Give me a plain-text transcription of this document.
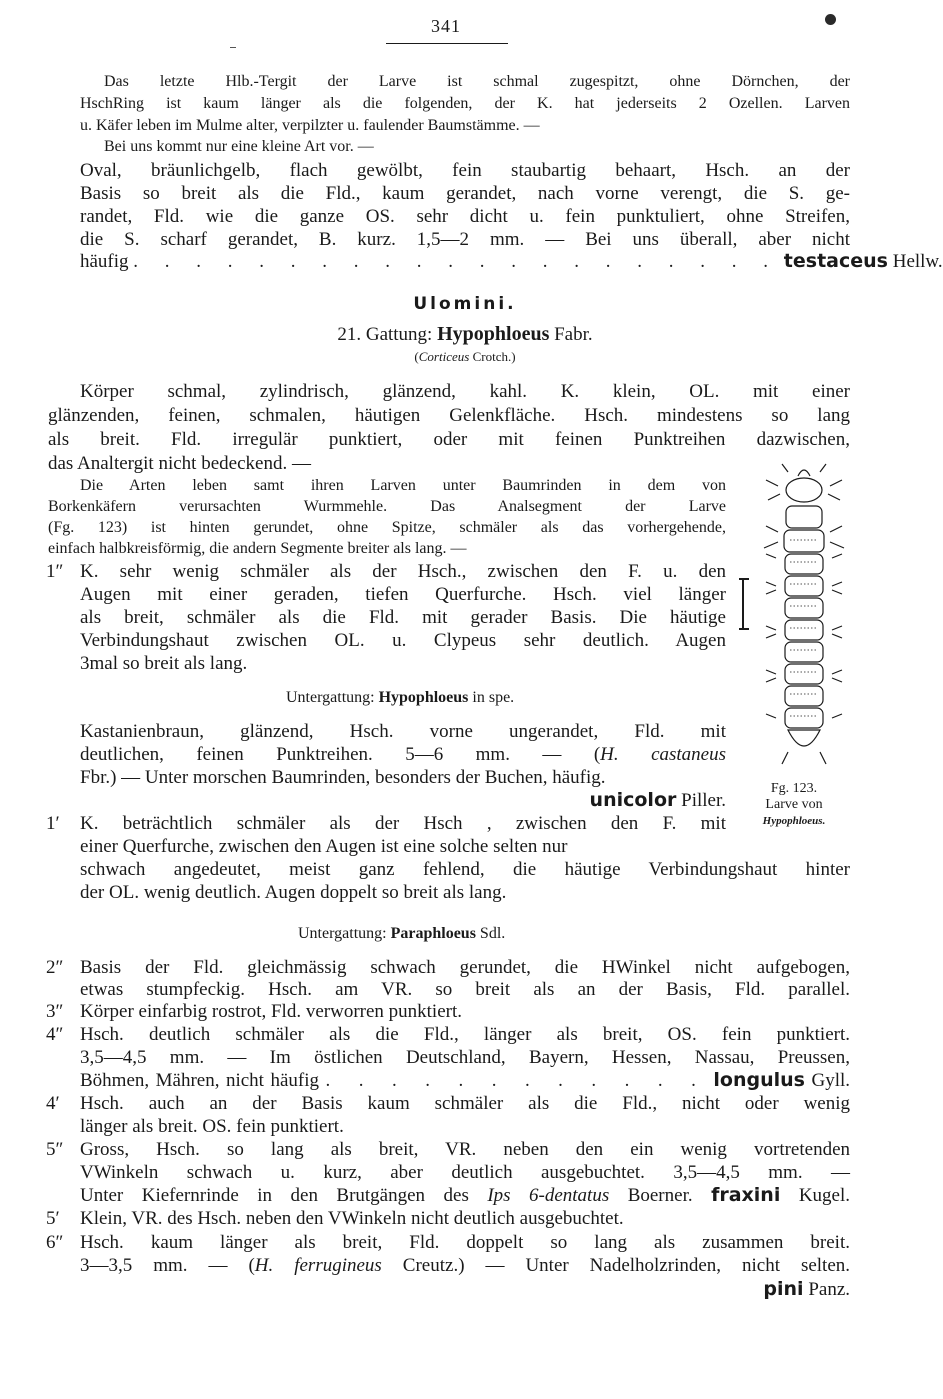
341
Das letzte Hlb.-Tergit der Larve ist schmal zugespitzt, ohne Dörnchen, der
HschRing ist kaum länger als die folgenden, der K. hat jederseits 2 Ozellen. Larven
u. Käfer leben im Mulme alter, verpilzter u. faulender Baumstämme. —
Bei uns kommt nur eine kleine Art vor. —
Oval, bräunlichgelb, flach gewölbt, fein staubartig behaart, Hsch. an der
Basis so breit als die Fld., kaum gerandet, nach vorne verengt, die S. ge-
randet, Fld. wie die ganze OS. sehr dicht u. fein punktuliert, ohne Streifen,
die S. scharf gerandet, B. kurz. 1,5—2 mm. — Bei uns überall, aber nicht
häufig . . . . . . . . . . . . . . . . . . . . . testaceus Hellw.
Ulomini.
21. Gattung: Hypophloeus Fabr.
(Corticeus Crotch.)
Körper schmal, zylindrisch, glänzend, kahl. K. klein, OL. mit einer
glänzenden, feinen, schmalen, häutigen Gelenkfläche. Hsch. mindestens so lang
als breit. Fld. irregulär punktiert, oder mit feinen Punktreihen dazwischen,
das Analtergit nicht bedeckend. —
Die Arten leben samt ihren Larven unter Baumrinden in dem von
Borkenkäfern verursachten Wurmmehle. Das Analsegment der Larve
(Fg. 123) ist hinten gerundet, ohne Spitze, schmäler als das vorhergehende,
einfach halbkreisförmig, die andern Segmente breiter als lang. —
1″ K. sehr wenig schmäler als der Hsch., zwischen den F. u. den
Augen mit einer geraden, tiefen Querfurche. Hsch. viel länger
als breit, schmäler als die Fld. mit gerader Basis. Die häutige
Verbindungshaut zwischen OL. u. Clypeus sehr deutlich. Augen
3mal so breit als lang.
Untergattung: Hypophloeus in spe.
Kastanienbraun, glänzend, Hsch. vorne ungerandet, Fld. mit
deutlichen, feinen Punktreihen. 5—6 mm. — (H. castaneus
Fbr.) — Unter morschen Baumrinden, besonders der Buchen, häufig.
unicolor Piller.
Fg. 123.
Larve von
Hypophloeus.
1′ K. beträchtlich schmäler als der Hsch , zwischen den F. mit
einer Querfurche, zwischen den Augen ist eine solche selten nur
schwach angedeutet, meist ganz fehlend, die häutige Verbindungshaut hinter
der OL. wenig deutlich. Augen doppelt so breit als lang.
Untergattung: Paraphloeus Sdl.
2″ Basis der Fld. gleichmässig schwach gerundet, die HWinkel nicht aufgebogen,
etwas stumpfeckig. Hsch. am VR. so breit als an der Basis, Fld. parallel.
3″ Körper einfarbig rostrot, Fld. verworren punktiert.
4″ Hsch. deutlich schmäler als die Fld., länger als breit, OS. fein punktiert.
3,5—4,5 mm. — Im östlichen Deutschland, Bayern, Hessen, Nassau, Preussen,
Böhmen, Mähren, nicht häufig . . . . . . . . . . . . longulus Gyll.
4′ Hsch. auch an der Basis kaum schmäler als die Fld., nicht oder wenig
länger als breit. OS. fein punktiert.
5″ Gross, Hsch. so lang als breit, VR. neben den ein wenig vortretenden
VWinkeln schwach u. kurz, aber deutlich ausgebuchtet. 3,5—4,5 mm. —
Unter Kiefernrinde in den Brutgängen des Ips 6-dentatus Boerner. fraxini Kugel.
5′ Klein, VR. des Hsch. neben den VWinkeln nicht deutlich ausgebuchtet.
6″ Hsch. kaum länger als breit, Fld. doppelt so lang als zusammen breit.
3—3,5 mm. — (H. ferrugineus Creutz.) — Unter Nadelholzrinden, nicht selten.
pini Panz.
